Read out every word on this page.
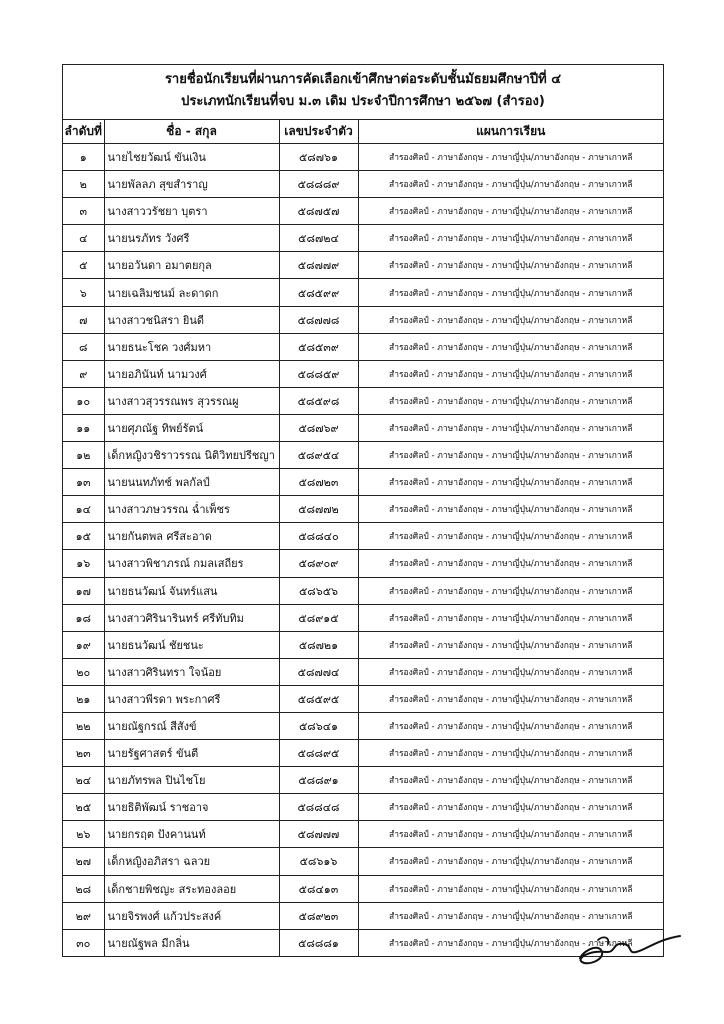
รายชื่อนักเรียนที่ผ่านการคัดเลือกเข้าศึกษาต่อระดับชั้นมัธยมศึกษาปีที่ ๔
ประเภทนักเรียนที่จบ ม.๓ เดิม ประจำปีการศึกษา ๒๕๖๗ (สำรอง)
ลำดับที่	ชื่อ - สกุล	เลขประจำตัว	แผนการเรียน
๑	นายไชยวัฒน์ ขันเงิน	๕๘๗๖๑	สำรองศิลป์ - ภาษาอังกฤษ - ภาษาญี่ปุ่น/ภาษาอังกฤษ - ภาษาเกาหลี
๒	นายพัลลภ สุขสำราญ	๕๘๘๘๙	สำรองศิลป์ - ภาษาอังกฤษ - ภาษาญี่ปุ่น/ภาษาอังกฤษ - ภาษาเกาหลี
๓	นางสาววรัชยา บุตรา	๕๘๗๕๗	สำรองศิลป์ - ภาษาอังกฤษ - ภาษาญี่ปุ่น/ภาษาอังกฤษ - ภาษาเกาหลี
๔	นายนรภัทร วังศรี	๕๘๗๒๔	สำรองศิลป์ - ภาษาอังกฤษ - ภาษาญี่ปุ่น/ภาษาอังกฤษ - ภาษาเกาหลี
๕	นายอวันดา อมาตยกุล	๕๘๗๗๙	สำรองศิลป์ - ภาษาอังกฤษ - ภาษาญี่ปุ่น/ภาษาอังกฤษ - ภาษาเกาหลี
๖	นายเฉลิมชนม์ ละดาดก	๕๘๕๙๙	สำรองศิลป์ - ภาษาอังกฤษ - ภาษาญี่ปุ่น/ภาษาอังกฤษ - ภาษาเกาหลี
๗	นางสาวชนิสรา ยินดี	๕๘๗๗๘	สำรองศิลป์ - ภาษาอังกฤษ - ภาษาญี่ปุ่น/ภาษาอังกฤษ - ภาษาเกาหลี
๘	นายธนะโชค วงศ์มหา	๕๘๕๓๙	สำรองศิลป์ - ภาษาอังกฤษ - ภาษาญี่ปุ่น/ภาษาอังกฤษ - ภาษาเกาหลี
๙	นายอภินันท์ นามวงศ์	๕๘๘๕๙	สำรองศิลป์ - ภาษาอังกฤษ - ภาษาญี่ปุ่น/ภาษาอังกฤษ - ภาษาเกาหลี
๑๐	นางสาวสุวรรณพร สุวรรณผู	๕๘๕๙๘	สำรองศิลป์ - ภาษาอังกฤษ - ภาษาญี่ปุ่น/ภาษาอังกฤษ - ภาษาเกาหลี
๑๑	นายศุภณัฐ ทิพย์รัตน์	๕๘๗๖๙	สำรองศิลป์ - ภาษาอังกฤษ - ภาษาญี่ปุ่น/ภาษาอังกฤษ - ภาษาเกาหลี
๑๒	เด็กหญิงวชิราวรรณ นิติวิทยปรีชญา	๕๘๙๕๔	สำรองศิลป์ - ภาษาอังกฤษ - ภาษาญี่ปุ่น/ภาษาอังกฤษ - ภาษาเกาหลี
๑๓	นายนนทภัทช์ พลกัลป์	๕๘๗๒๓	สำรองศิลป์ - ภาษาอังกฤษ - ภาษาญี่ปุ่น/ภาษาอังกฤษ - ภาษาเกาหลี
๑๔	นางสาวภษวรรณ ฉ่ำเพ็ชร	๕๘๗๗๒	สำรองศิลป์ - ภาษาอังกฤษ - ภาษาญี่ปุ่น/ภาษาอังกฤษ - ภาษาเกาหลี
๑๕	นายกันตพล ศรีสะอาด	๕๘๘๔๐	สำรองศิลป์ - ภาษาอังกฤษ - ภาษาญี่ปุ่น/ภาษาอังกฤษ - ภาษาเกาหลี
๑๖	นางสาวพิชาภรณ์ กมลเสถียร	๕๘๙๐๙	สำรองศิลป์ - ภาษาอังกฤษ - ภาษาญี่ปุ่น/ภาษาอังกฤษ - ภาษาเกาหลี
๑๗	นายธนวัฒน์ จันทร์แสน	๕๘๖๕๖	สำรองศิลป์ - ภาษาอังกฤษ - ภาษาญี่ปุ่น/ภาษาอังกฤษ - ภาษาเกาหลี
๑๘	นางสาวศิรินารินทร์ ศรีทับทิม	๕๘๙๑๕	สำรองศิลป์ - ภาษาอังกฤษ - ภาษาญี่ปุ่น/ภาษาอังกฤษ - ภาษาเกาหลี
๑๙	นายธนวัฒน์ ชัยชนะ	๕๘๗๒๑	สำรองศิลป์ - ภาษาอังกฤษ - ภาษาญี่ปุ่น/ภาษาอังกฤษ - ภาษาเกาหลี
๒๐	นางสาวศิรินทรา ใจน้อย	๕๘๗๗๔	สำรองศิลป์ - ภาษาอังกฤษ - ภาษาญี่ปุ่น/ภาษาอังกฤษ - ภาษาเกาหลี
๒๑	นางสาวพีรดา พระกาศรี	๕๘๕๙๕	สำรองศิลป์ - ภาษาอังกฤษ - ภาษาญี่ปุ่น/ภาษาอังกฤษ - ภาษาเกาหลี
๒๒	นายณัฐกรณ์ สีสังข์	๕๘๖๔๑	สำรองศิลป์ - ภาษาอังกฤษ - ภาษาญี่ปุ่น/ภาษาอังกฤษ - ภาษาเกาหลี
๒๓	นายรัฐศาสตร์ ขันตี	๕๘๘๙๕	สำรองศิลป์ - ภาษาอังกฤษ - ภาษาญี่ปุ่น/ภาษาอังกฤษ - ภาษาเกาหลี
๒๔	นายภัทรพล ปินไชโย	๕๘๘๙๑	สำรองศิลป์ - ภาษาอังกฤษ - ภาษาญี่ปุ่น/ภาษาอังกฤษ - ภาษาเกาหลี
๒๕	นายธิติพัฒน์ ราชอาจ	๕๘๘๔๘	สำรองศิลป์ - ภาษาอังกฤษ - ภาษาญี่ปุ่น/ภาษาอังกฤษ - ภาษาเกาหลี
๒๖	นายกรฤต ปังคานนท์	๕๘๗๗๗	สำรองศิลป์ - ภาษาอังกฤษ - ภาษาญี่ปุ่น/ภาษาอังกฤษ - ภาษาเกาหลี
๒๗	เด็กหญิงอภิสรา ฉลวย	๕๘๖๑๖	สำรองศิลป์ - ภาษาอังกฤษ - ภาษาญี่ปุ่น/ภาษาอังกฤษ - ภาษาเกาหลี
๒๘	เด็กชายพิชญะ สระทองลอย	๕๘๔๑๓	สำรองศิลป์ - ภาษาอังกฤษ - ภาษาญี่ปุ่น/ภาษาอังกฤษ - ภาษาเกาหลี
๒๙	นายจิรพงศ์ แก้วประสงค์	๕๘๙๒๓	สำรองศิลป์ - ภาษาอังกฤษ - ภาษาญี่ปุ่น/ภาษาอังกฤษ - ภาษาเกาหลี
๓๐	นายณัฐพล มีกลิ่น	๕๘๘๘๑	สำรองศิลป์ - ภาษาอังกฤษ - ภาษาญี่ปุ่น/ภาษาอังกฤษ - ภาษาเกาหลี
